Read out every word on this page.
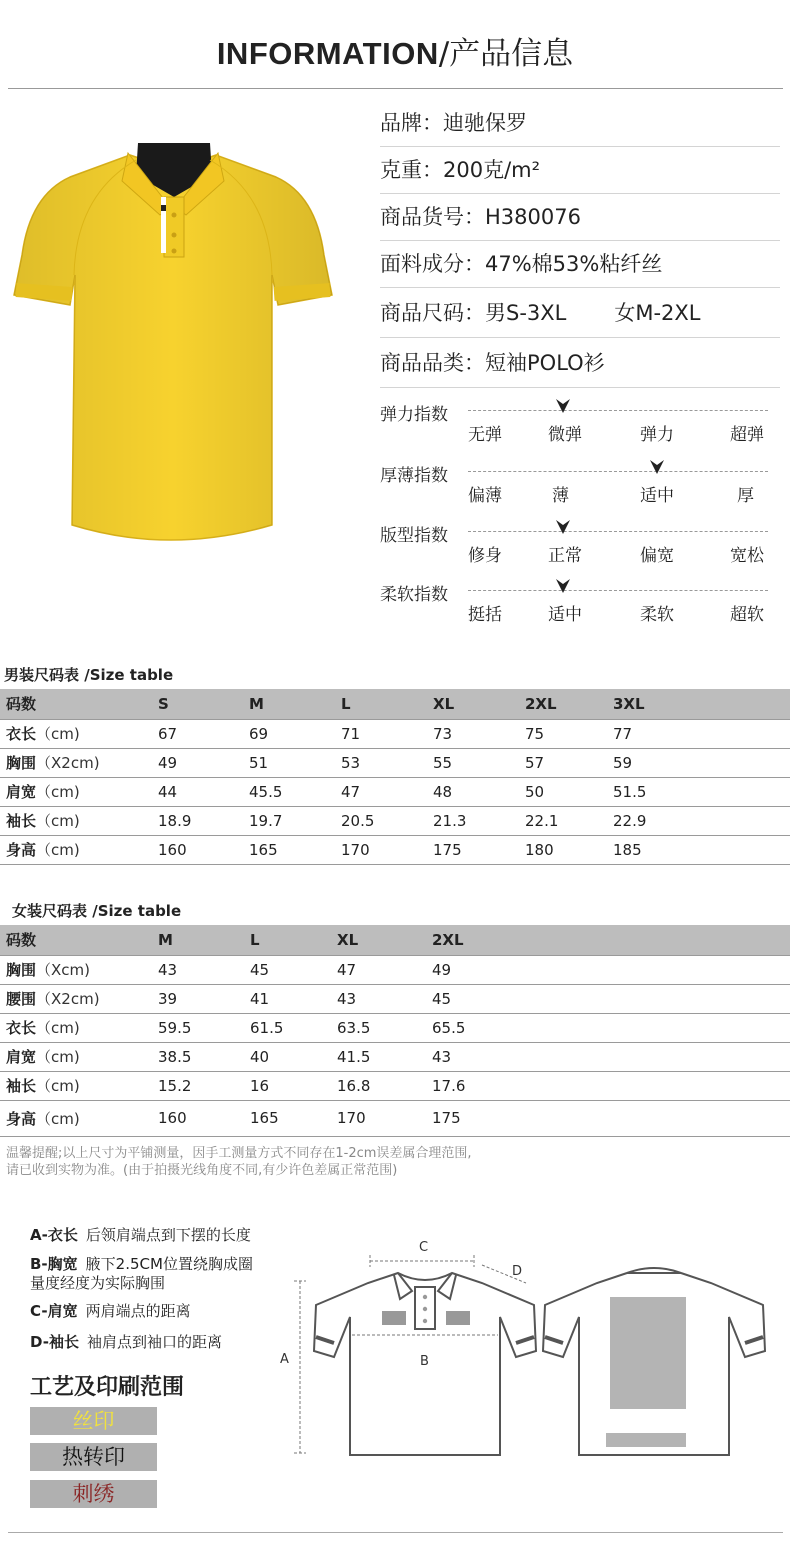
INFORMATION/产品信息
品牌：迪驰保罗
克重：200克/m²
商品货号：H380076
面料成分：47%棉53%粘纤丝
商品尺码：男S-3XL 女M-2XL
商品品类：短袖POLO衫
弹力指数
无弹	微弹	弹力	超弹
厚薄指数
偏薄	薄	适中	厚
版型指数
修身	正常	偏宽	宽松
柔软指数
挺括	适中	柔软	超软
男装尺码表 /Size table
码数	S	M	L	XL	2XL	3XL
衣长（cm)	67	69	71	73	75	77
胸围（X2cm)	49	51	53	55	57	59
肩宽（cm)	44	45.5	47	48	50	51.5
袖长（cm)	18.9	19.7	20.5	21.3	22.1	22.9
身高（cm)	160	165	170	175	180	185
女装尺码表 /Size table
码数	M	L	XL	2XL
胸围（Xcm)	43	45	47	49
腰围（X2cm)	39	41	43	45
衣长（cm)	59.5	61.5	63.5	65.5
肩宽（cm)	38.5	40	41.5	43
袖长（cm)	15.2	16	16.8	17.6
身高（cm)	160	165	170	175
温馨提醒;以上尺寸为平铺测量，因手工测量方式不同存在1-2cm误差属合理范围,
请已收到实物为准。(由于拍摄光线角度不同,有少许色差属正常范围)
A-衣长 后领肩端点到下摆的长度
B-胸宽 腋下2.5CM位置绕胸成圈
量度经度为实际胸围
C-肩宽 两肩端点的距离
D-袖长 袖肩点到袖口的距离
工艺及印刷范围
丝印
热转印
刺绣
C
B
A
D
